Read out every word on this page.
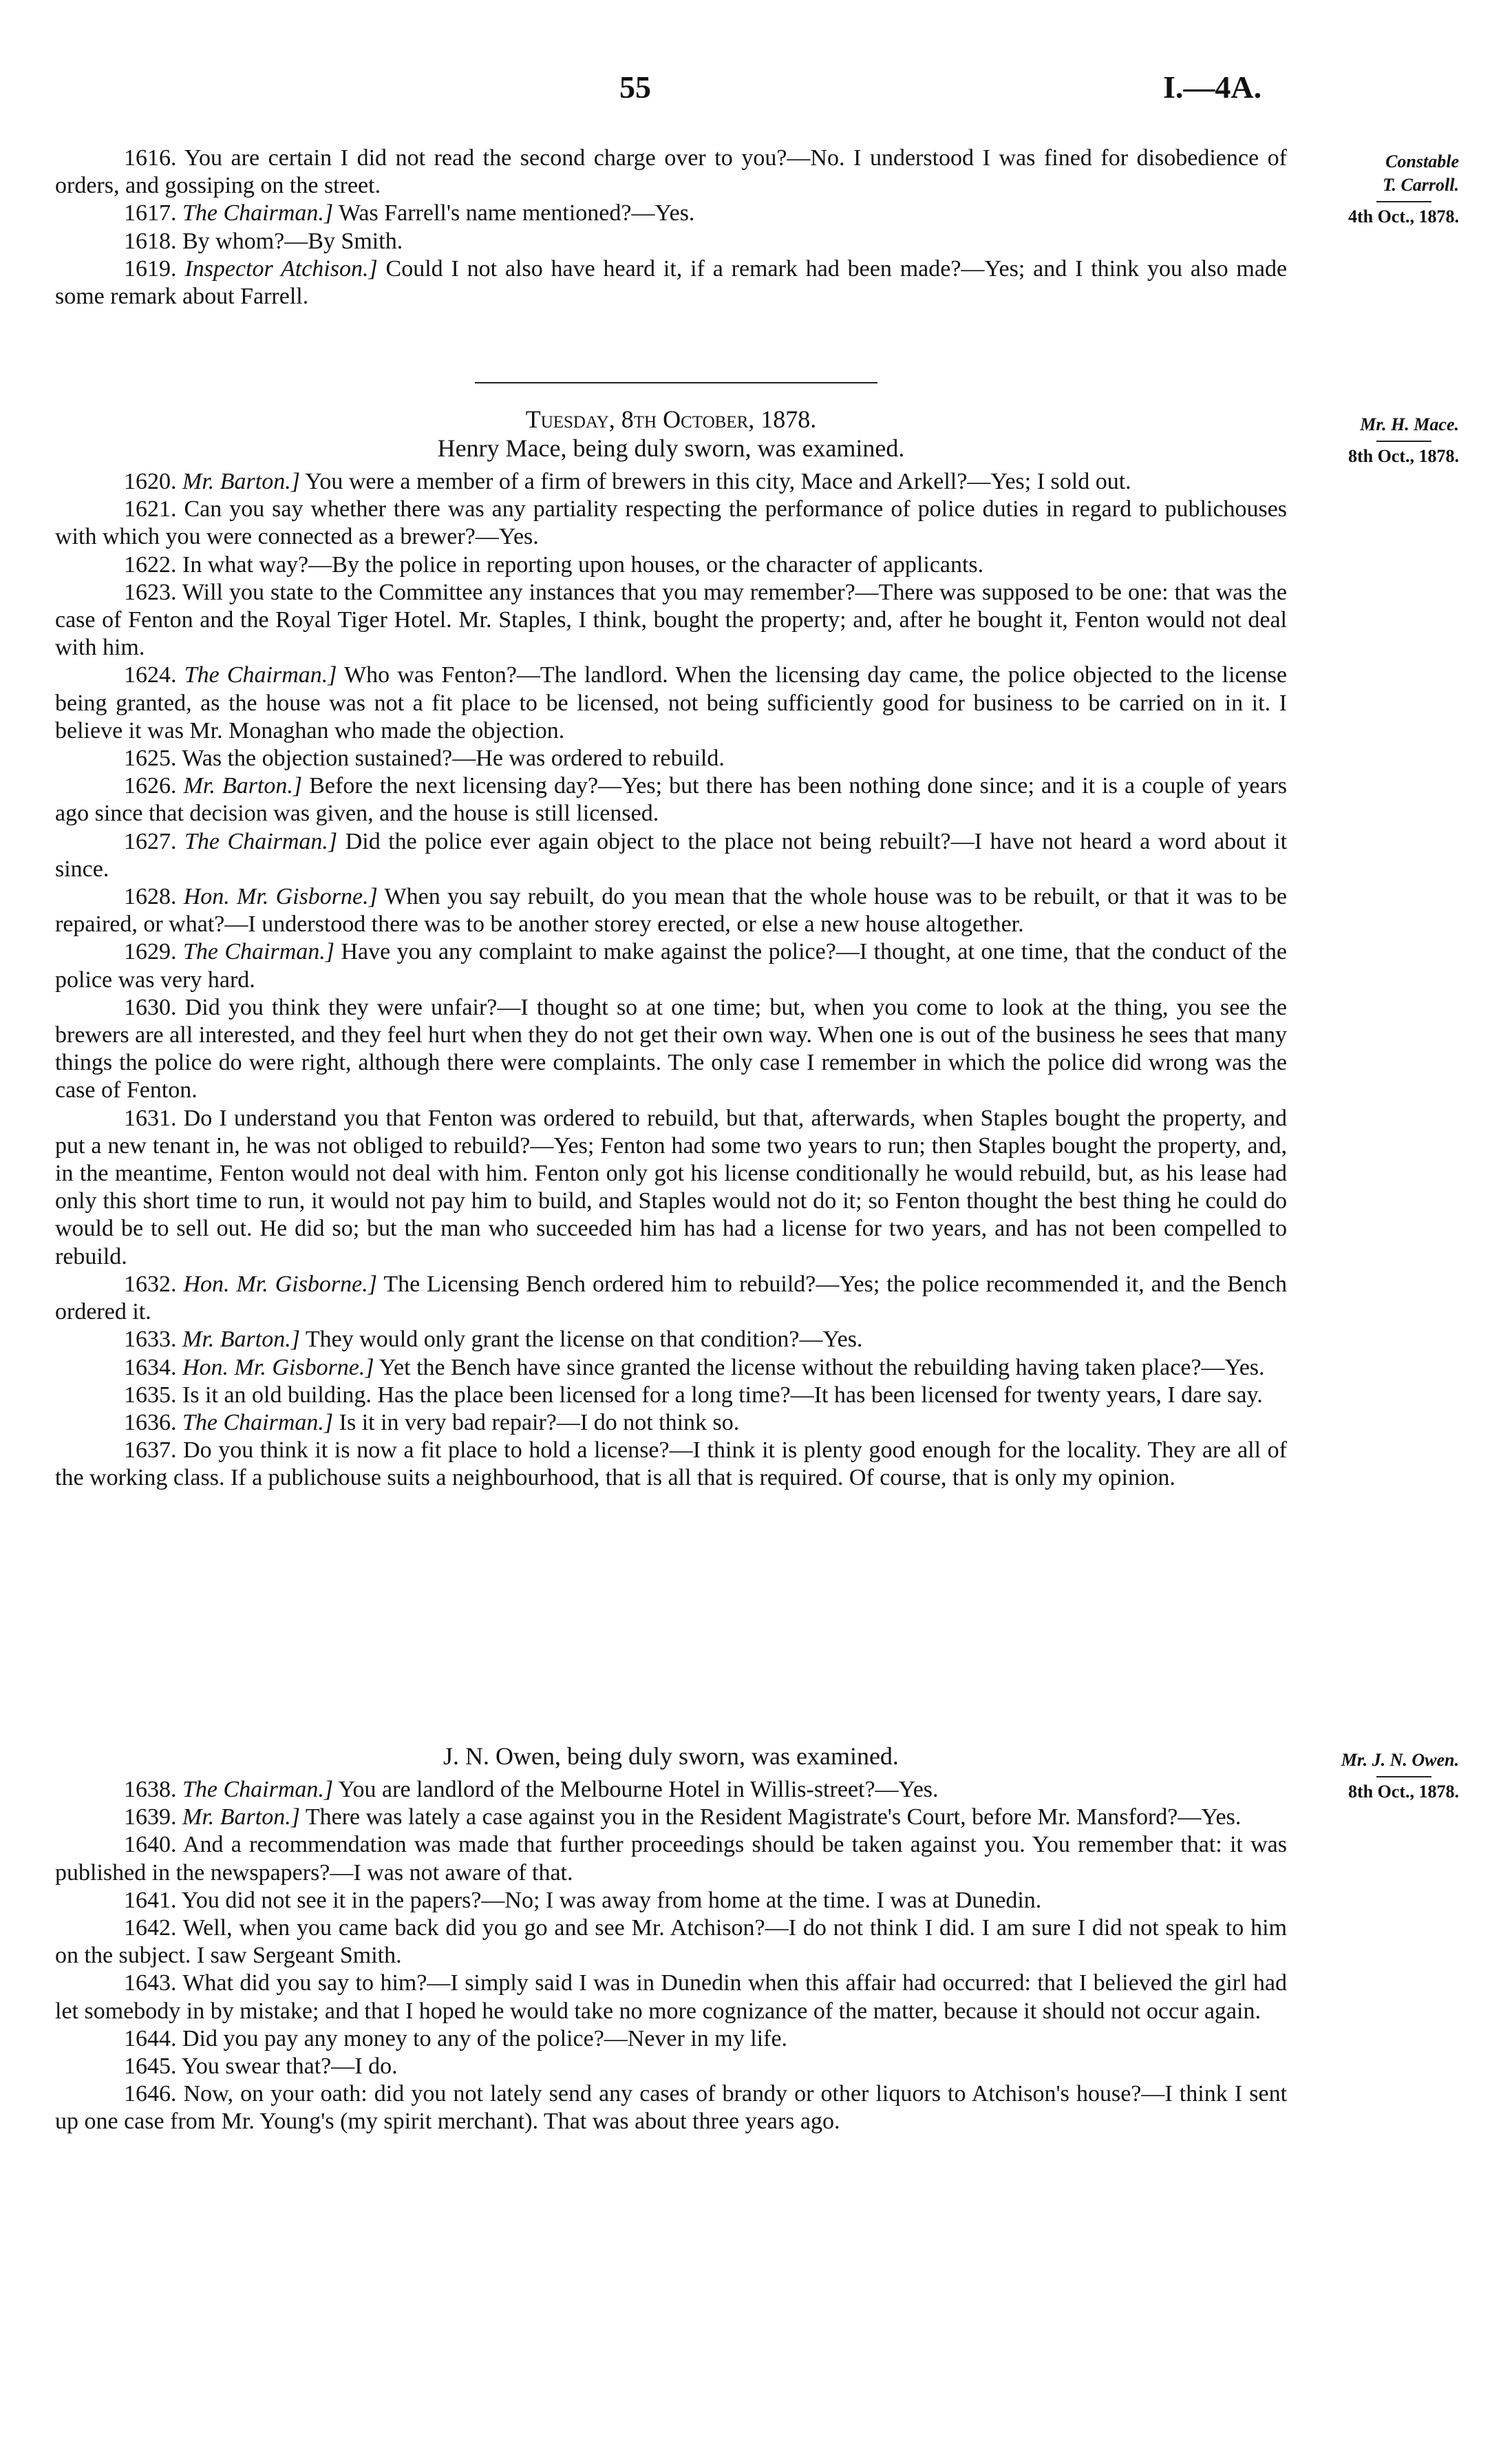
55	I.—4A.

1616. You are certain I did not read the second charge over to you?—No. I understood I was fined for disobedience of orders, and gossiping on the street.

1617. The Chairman.] Was Farrell's name mentioned?—Yes.

1618. By whom?—By Smith.

1619. Inspector Atchison.] Could I not also have heard it, if a remark had been made?—Yes; and I think you also made some remark about Farrell.

Constable
T. Carroll.
4th Oct., 1878.
Tuesday, 8th October, 1878.
Henry Mace, being duly sworn, was examined.
Mr. H. Mace.
8th Oct., 1878.

1620. Mr. Barton.] You were a member of a firm of brewers in this city, Mace and Arkell?—Yes; I sold out.

1621. Can you say whether there was any partiality respecting the performance of police duties in regard to publichouses with which you were connected as a brewer?—Yes.

1622. In what way?—By the police in reporting upon houses, or the character of applicants.

1623. Will you state to the Committee any instances that you may remember?—There was supposed to be one: that was the case of Fenton and the Royal Tiger Hotel. Mr. Staples, I think, bought the property; and, after he bought it, Fenton would not deal with him.

1624. The Chairman.] Who was Fenton?—The landlord. When the licensing day came, the police objected to the license being granted, as the house was not a fit place to be licensed, not being sufficiently good for business to be carried on in it. I believe it was Mr. Monaghan who made the objection.

1625. Was the objection sustained?—He was ordered to rebuild.

1626. Mr. Barton.] Before the next licensing day?—Yes; but there has been nothing done since; and it is a couple of years ago since that decision was given, and the house is still licensed.

1627. The Chairman.] Did the police ever again object to the place not being rebuilt?—I have not heard a word about it since.

1628. Hon. Mr. Gisborne.] When you say rebuilt, do you mean that the whole house was to be rebuilt, or that it was to be repaired, or what?—I understood there was to be another storey erected, or else a new house altogether.

1629. The Chairman.] Have you any complaint to make against the police?—I thought, at one time, that the conduct of the police was very hard.

1630. Did you think they were unfair?—I thought so at one time; but, when you come to look at the thing, you see the brewers are all interested, and they feel hurt when they do not get their own way. When one is out of the business he sees that many things the police do were right, although there were complaints. The only case I remember in which the police did wrong was the case of Fenton.

1631. Do I understand you that Fenton was ordered to rebuild, but that, afterwards, when Staples bought the property, and put a new tenant in, he was not obliged to rebuild?—Yes; Fenton had some two years to run; then Staples bought the property, and, in the meantime, Fenton would not deal with him. Fenton only got his license conditionally he would rebuild, but, as his lease had only this short time to run, it would not pay him to build, and Staples would not do it; so Fenton thought the best thing he could do would be to sell out. He did so; but the man who succeeded him has had a license for two years, and has not been compelled to rebuild.

1632. Hon. Mr. Gisborne.] The Licensing Bench ordered him to rebuild?—Yes; the police recommended it, and the Bench ordered it.

1633. Mr. Barton.] They would only grant the license on that condition?—Yes.

1634. Hon. Mr. Gisborne.] Yet the Bench have since granted the license without the rebuilding having taken place?—Yes.

1635. Is it an old building. Has the place been licensed for a long time?—It has been licensed for twenty years, I dare say.

1636. The Chairman.] Is it in very bad repair?—I do not think so.

1637. Do you think it is now a fit place to hold a license?—I think it is plenty good enough for the locality. They are all of the working class. If a publichouse suits a neighbourhood, that is all that is required. Of course, that is only my opinion.

J. N. Owen, being duly sworn, was examined.	Mr. J. N. Owen.
8th Oct., 1878.

1638. The Chairman.] You are landlord of the Melbourne Hotel in Willis-street?—Yes.

1639. Mr. Barton.] There was lately a case against you in the Resident Magistrate's Court, before Mr. Mansford?—Yes.

1640. And a recommendation was made that further proceedings should be taken against you. You remember that: it was published in the newspapers?—I was not aware of that.

1641. You did not see it in the papers?—No; I was away from home at the time. I was at Dunedin.

1642. Well, when you came back did you go and see Mr. Atchison?—I do not think I did. I am sure I did not speak to him on the subject. I saw Sergeant Smith.

1643. What did you say to him?—I simply said I was in Dunedin when this affair had occurred: that I believed the girl had let somebody in by mistake; and that I hoped he would take no more cognizance of the matter, because it should not occur again.

1644. Did you pay any money to any of the police?—Never in my life.

1645. You swear that?—I do.

1646. Now, on your oath: did you not lately send any cases of brandy or other liquors to Atchison's house?—I think I sent up one case from Mr. Young's (my spirit merchant). That was about three years ago.
